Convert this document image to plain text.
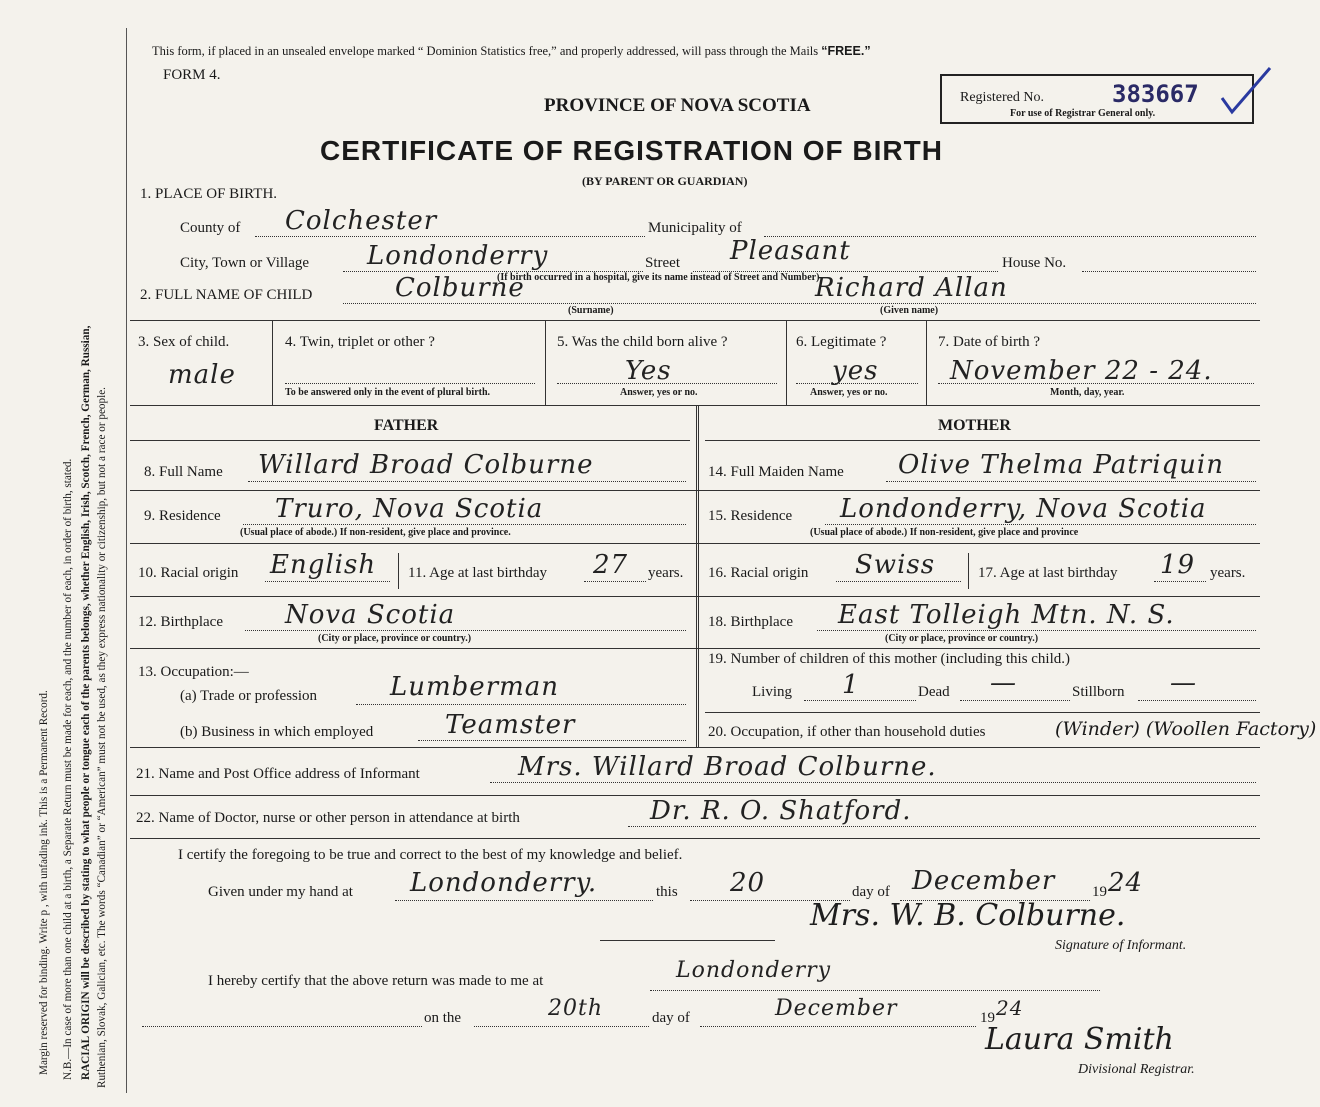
Margin reserved for binding. Write p , with unfading ink. This is a Permanent Record. N.B.—In case of more than one child at a birth, a Separate Return must be made for each, and the number of each, in order of birth, stated. RACIAL ORIGIN will be described by stating to what people or tongue each of the parents belongs, whether English, Irish, Scotch, French, German, Russian, Ruthenian, Slovak, Galician, etc. The words “Canadian” or “American” must not be used, as they express nationality or citizenship, but not a race or people.
This form, if placed in an unsealed envelope marked “ Dominion Statistics free,” and properly addressed, will pass through the Mails “FREE.”
FORM 4.
Registered No.	383667
For use of Registrar General only.
PROVINCE OF NOVA SCOTIA
CERTIFICATE OF REGISTRATION OF BIRTH
(BY PARENT OR GUARDIAN)
1. PLACE OF BIRTH.
County of Colchester	Municipality of
City, Town or Village Londonderry	Street Pleasant	House No.
(If birth occurred in a hospital, give its name instead of Street and Number)
2. FULL NAME OF CHILD	Colburne
(Surname)
Richard Allan
(Given name)
3. Sex of child.
male
4. Twin, triplet or other ?
To be answered only in the event of plural birth.
5. Was the child born alive ?
Yes
Answer, yes or no.
6. Legitimate ?
yes
Answer, yes or no.
7. Date of birth ?
November 22 - 24.
Month, day, year.
FATHER	MOTHER
8. Full Name Willard Broad Colburne
9. Residence Truro, Nova Scotia
(Usual place of abode.) If non-resident, give place and province.
10. Racial origin English 11. Age at last birthday 27 years.
12. Birthplace Nova Scotia
(City or place, province or country.)
13. Occupation:—
(a) Trade or profession	Lumberman
(b) Business in which employed	Teamster
14. Full Maiden Name Olive Thelma Patriquin
15. Residence Londonderry, Nova Scotia
(Usual place of abode.) If non-resident, give place and province
16. Racial origin Swiss	17. Age at last birthday 19 years.
18. Birthplace East Tolleigh Mtn. N. S.
(City or place, province or country.)
19. Number of children of this mother (including this child.)
Living 1	Dead —	Stillborn —
20. Occupation, if other than household duties	(Winder) (Woollen Factory)
21. Name and Post Office address of Informant	Mrs. Willard Broad Colburne.
22. Name of Doctor, nurse or other person in attendance at birth	Dr. R. O. Shatford.
I certify the foregoing to be true and correct to the best of my knowledge and belief.
Given under my hand at Londonderry.	this 20	day of December 19 24
Mrs. W. B. Colburne.
Signature of Informant.
I hereby certify that the above return was made to me at	Londonderry
on the	20th	day of	December	19 24
Laura Smith
Divisional Registrar.
